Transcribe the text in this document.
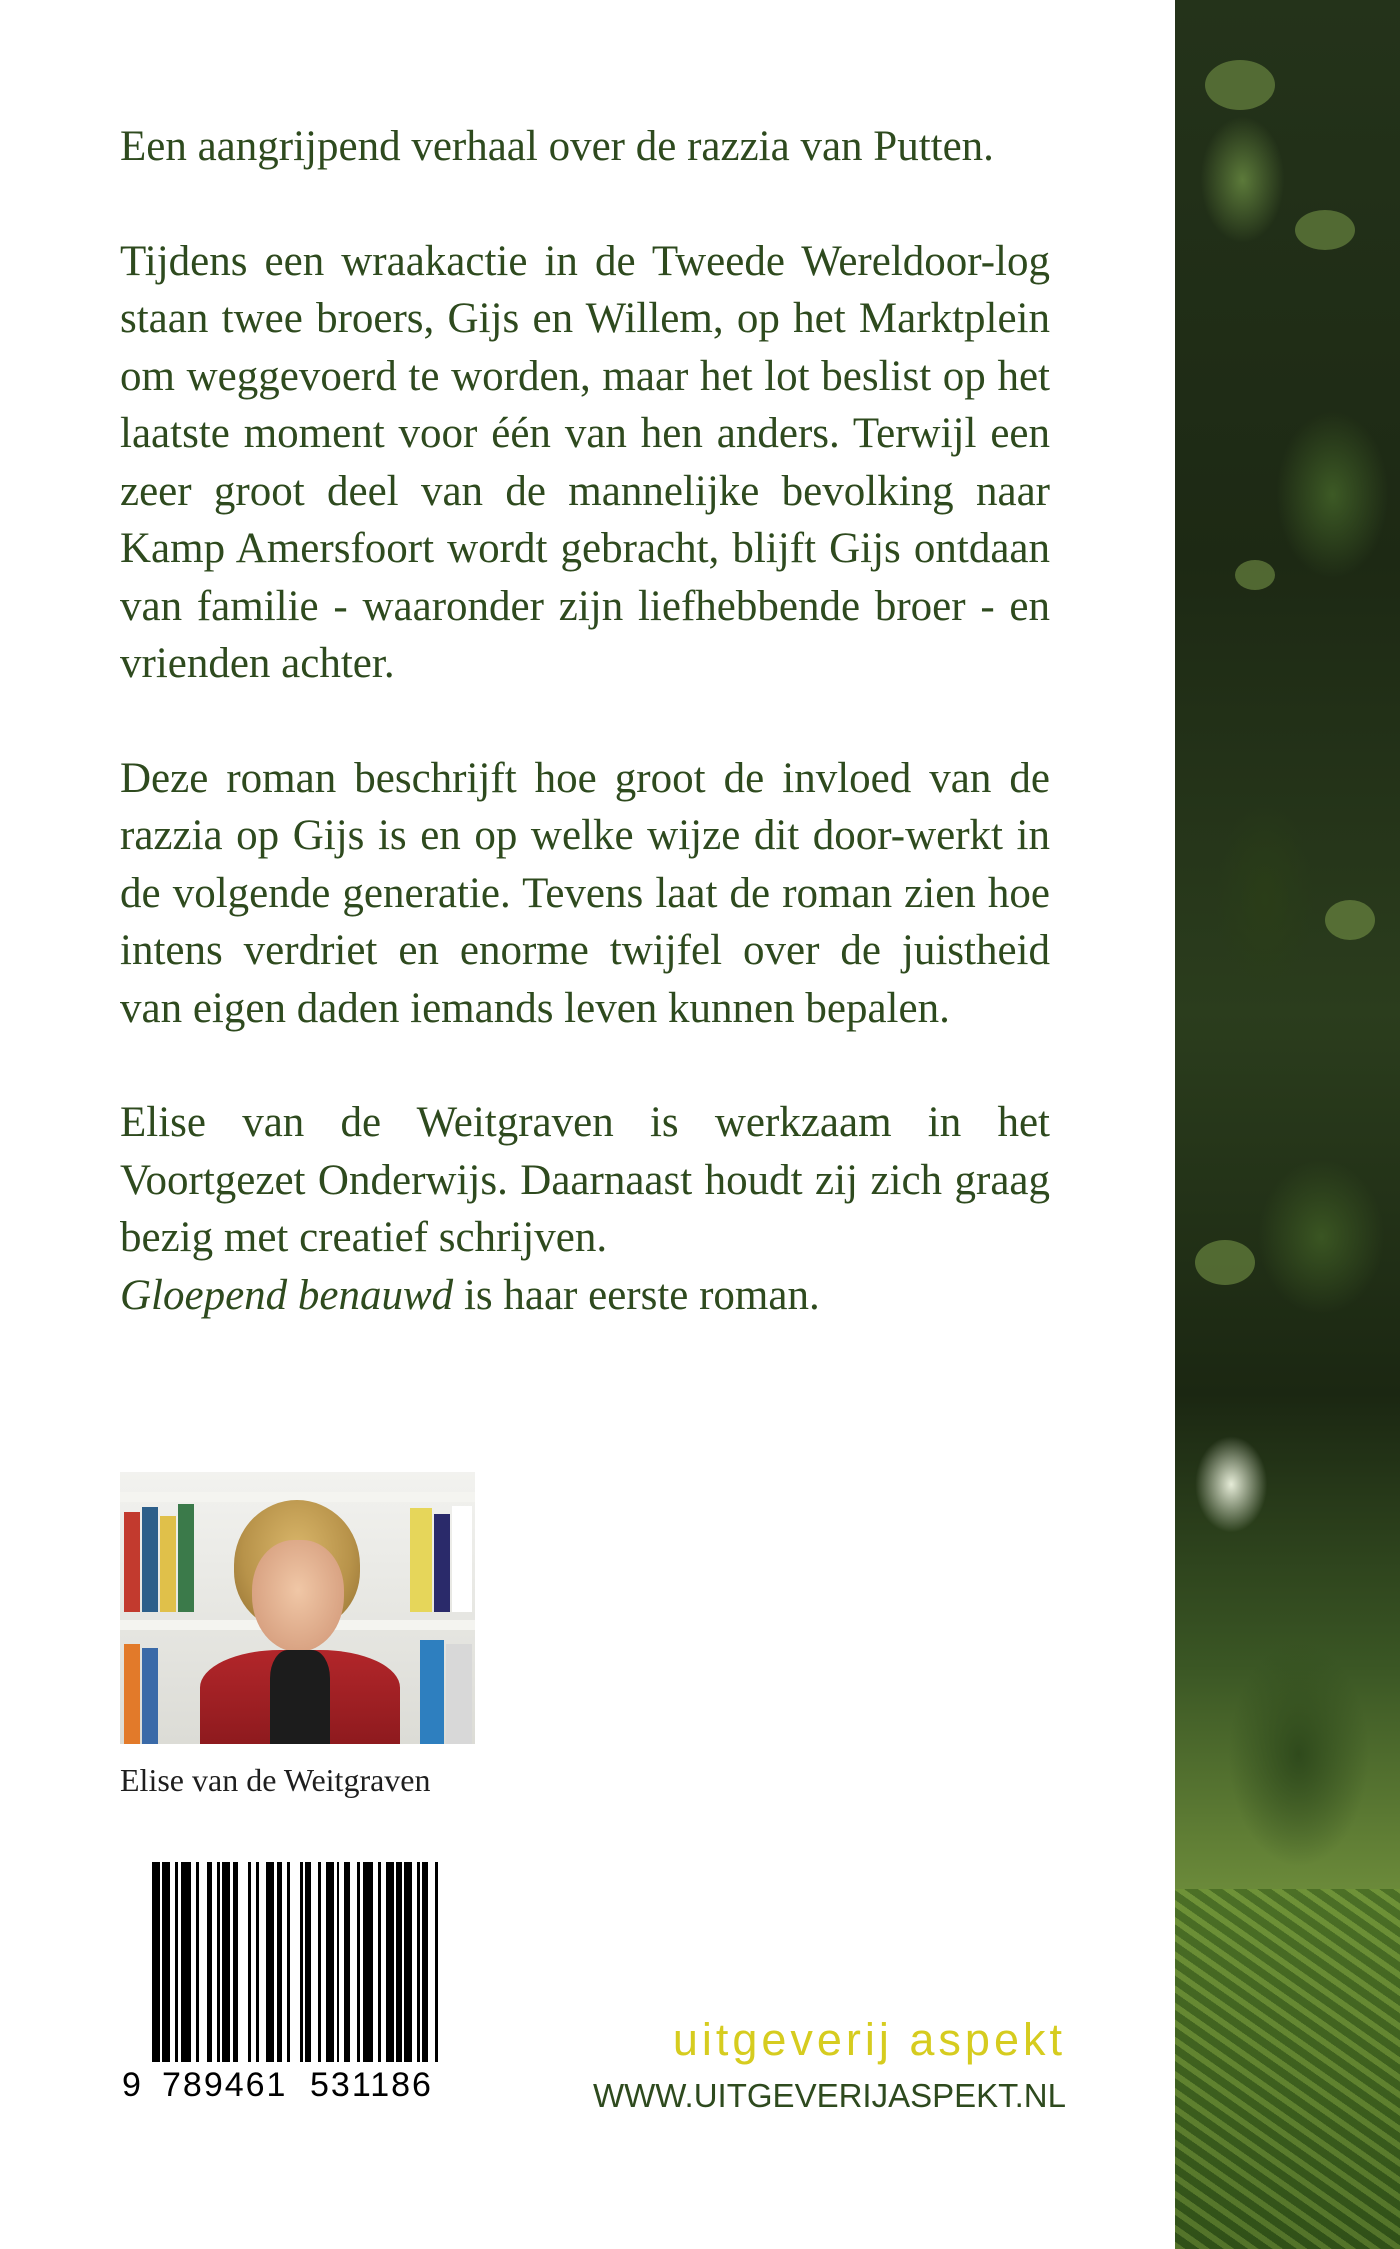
Een aangrijpend verhaal over de razzia van Putten.

Tijdens een wraakactie in de Tweede Wereldoor-log staan twee broers, Gijs en Willem, op het Marktplein om weggevoerd te worden, maar het lot beslist op het laatste moment voor één van hen anders. Terwijl een zeer groot deel van de mannelijke bevolking naar Kamp Amersfoort wordt gebracht, blijft Gijs ontdaan van familie - waaronder zijn liefhebbende broer - en vrienden achter.

Deze roman beschrijft hoe groot de invloed van de razzia op Gijs is en op welke wijze dit door-werkt in de volgende generatie. Tevens laat de roman zien hoe intens verdriet en enorme twijfel over de juistheid van eigen daden iemands leven kunnen bepalen.

Elise van de Weitgraven is werkzaam in het Voortgezet Onderwijs. Daarnaast houdt zij zich graag bezig met creatief schrijven.
Gloepend benauwd is haar eerste roman.

Elise van de Weitgraven
9 789461 531186
uitgeverij aspekt
WWW.UITGEVERIJASPEKT.NL
